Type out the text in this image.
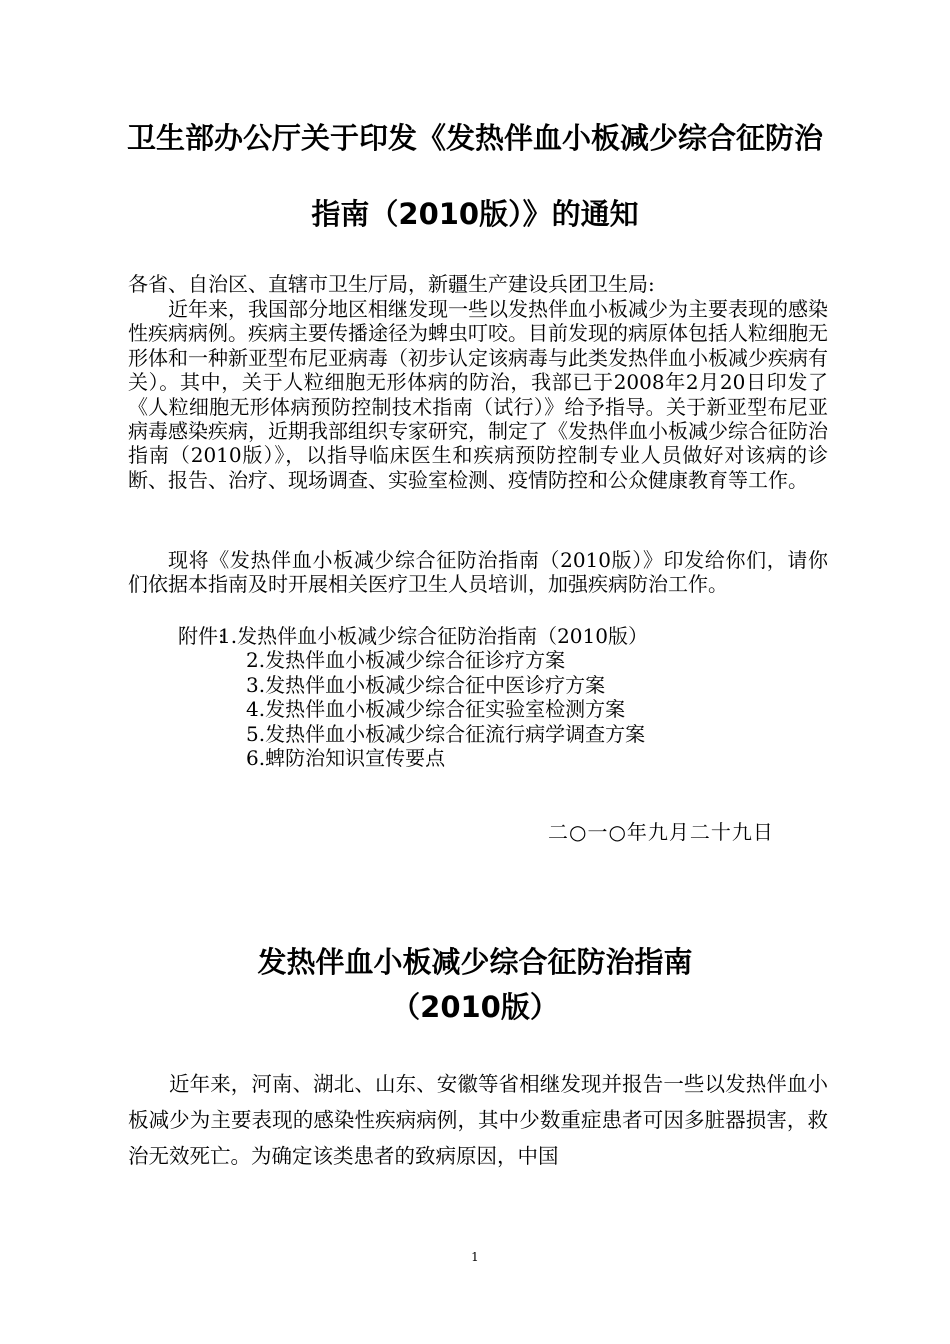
卫生部办公厅关于印发《发热伴血小板减少综合征防治
指南（2010版）》的通知

各省、自治区、直辖市卫生厅局，新疆生产建设兵团卫生局:

近年来，我国部分地区相继发现一些以发热伴血小板减少为主要表现的感染性疾病病例。疾病主要传播途径为蜱虫叮咬。目前发现的病原体包括人粒细胞无形体和一种新亚型布尼亚病毒（初步认定该病毒与此类发热伴血小板减少疾病有关）。其中，关于人粒细胞无形体病的防治，我部已于2008年2月20日印发了《人粒细胞无形体病预防控制技术指南（试行）》给予指导。关于新亚型布尼亚病毒感染疾病，近期我部组织专家研究，制定了《发热伴血小板减少综合征防治指南（2010版）》，以指导临床医生和疾病预防控制专业人员做好对该病的诊断、报告、治疗、现场调查、实验室检测、疫情防控和公众健康教育等工作。

现将《发热伴血小板减少综合征防治指南（2010版）》印发给你们，请你们依据本指南及时开展相关医疗卫生人员培训，加强疾病防治工作。

附件:1.发热伴血小板减少综合征防治指南（2010版）
2.发热伴血小板减少综合征诊疗方案
3.发热伴血小板减少综合征中医诊疗方案
4.发热伴血小板减少综合征实验室检测方案
5.发热伴血小板减少综合征流行病学调查方案
6.蜱防治知识宣传要点

二○一○年九月二十九日

发热伴血小板减少综合征防治指南
（2010版）

近年来，河南、湖北、山东、安徽等省相继发现并报告一些以发热伴血小板减少为主要表现的感染性疾病病例，其中少数重症患者可因多脏器损害，救治无效死亡。为确定该类患者的致病原因，中国

1
